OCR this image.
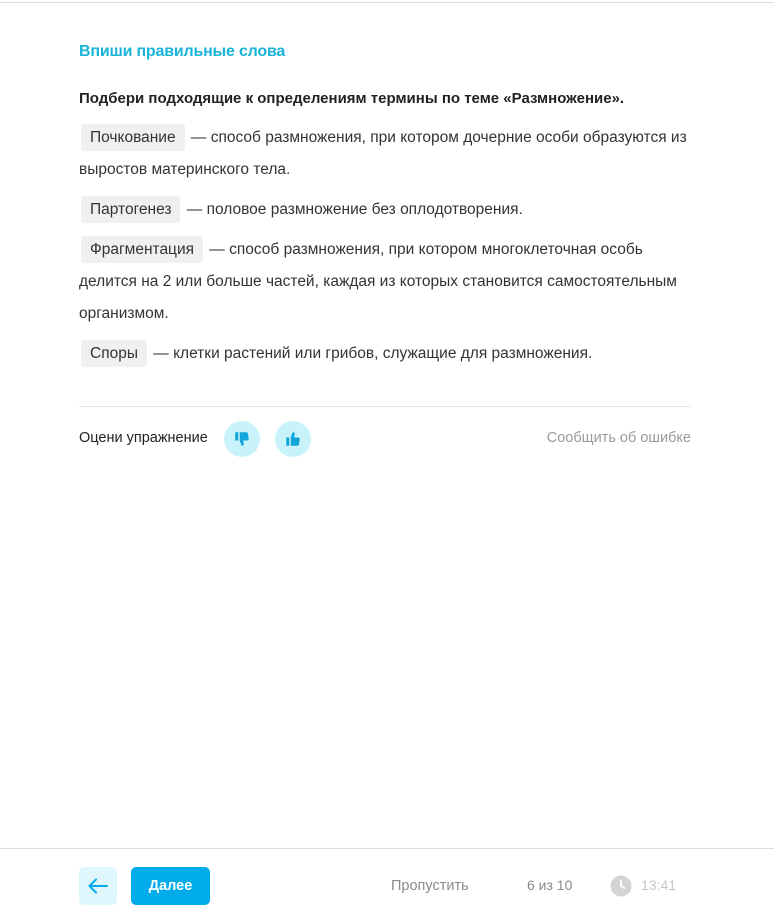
Впиши правильные слова
Подбери подходящие к определениям термины по теме «Размножение».
Почкование — способ размножения, при котором дочерние особи образуются из выростов материнского тела.
Партогенез — половое размножение без оплодотворения.
Фрагментация — способ размножения, при котором многоклеточная особь делится на 2 или больше частей, каждая из которых становится самостоятельным организмом.
Споры — клетки растений или грибов, служащие для размножения.
Оцени упражнение	Сообщить об ошибке
Далее	Пропустить	6 из 10	13:41
